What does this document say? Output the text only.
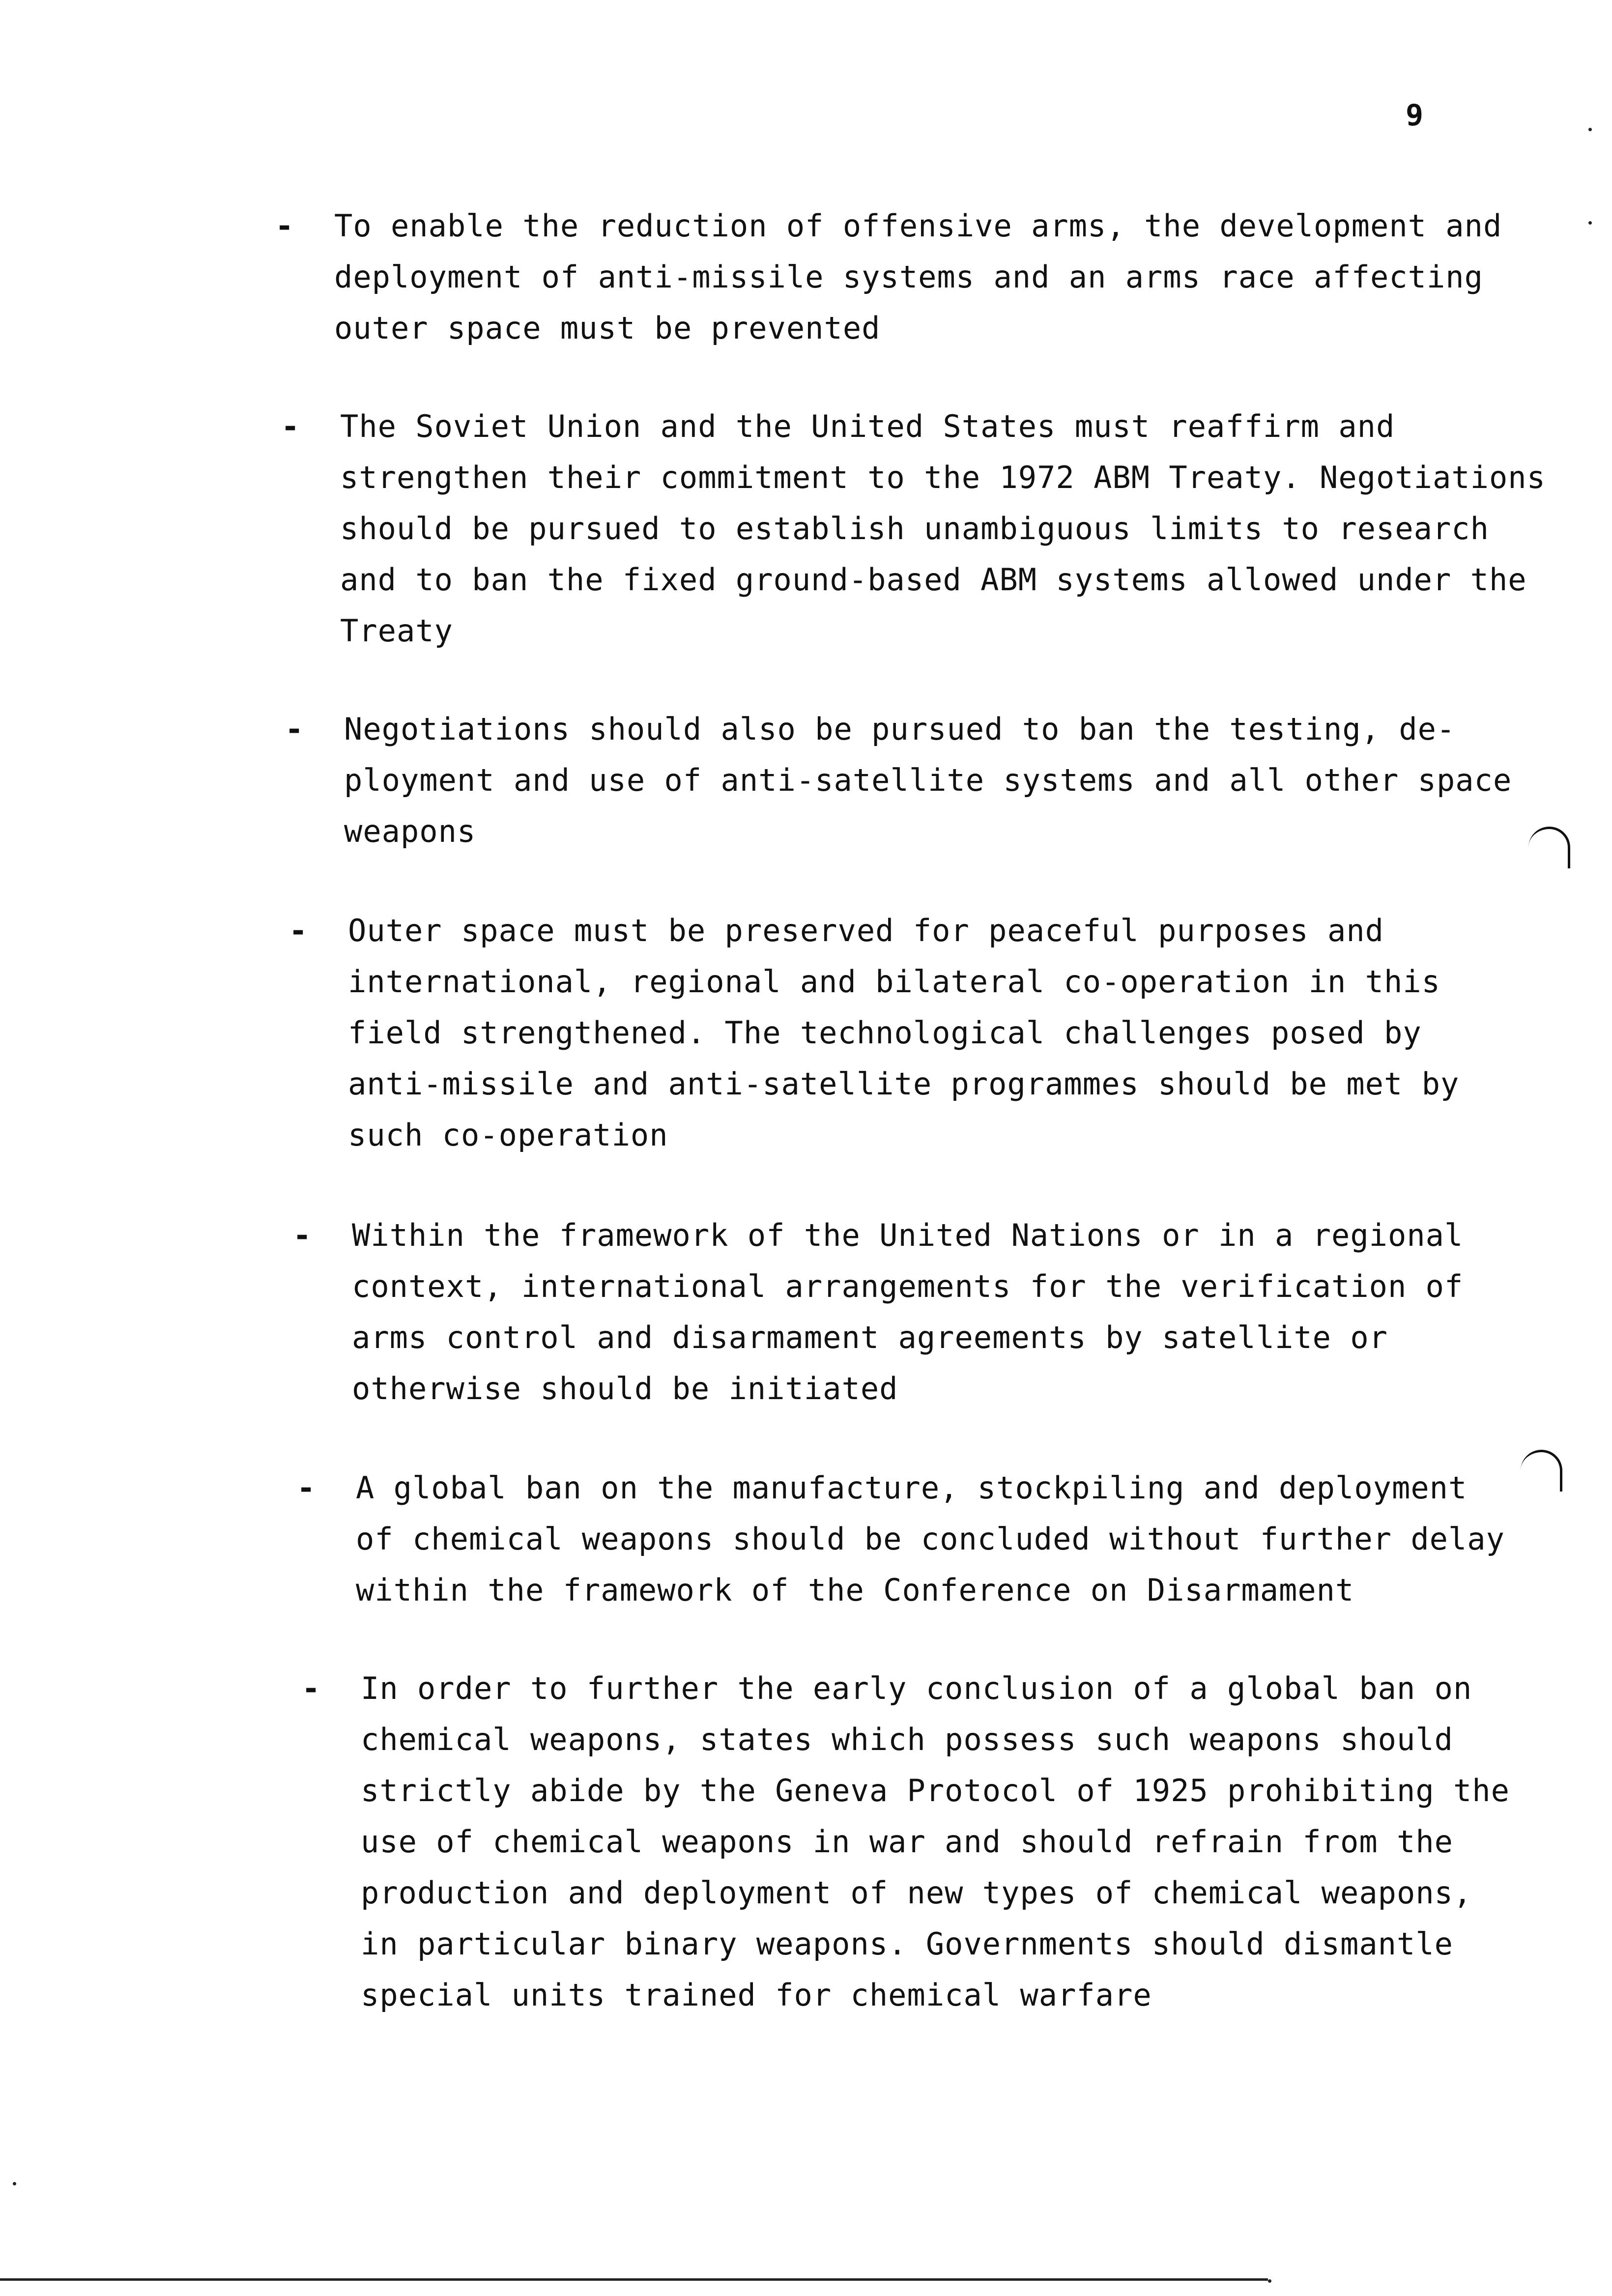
9
- To enable the reduction of offensive arms, the development and
deployment of anti-missile systems and an arms race affecting
outer space must be prevented
- The Soviet Union and the United States must reaffirm and
strengthen their commitment to the 1972 ABM Treaty. Negotiations
should be pursued to establish unambiguous limits to research
and to ban the fixed ground-based ABM systems allowed under the
Treaty
- Negotiations should also be pursued to ban the testing, de-
ployment and use of anti-satellite systems and all other space
weapons
- Outer space must be preserved for peaceful purposes and
international, regional and bilateral co-operation in this
field strengthened. The technological challenges posed by
anti-missile and anti-satellite programmes should be met by
such co-operation
- Within the framework of the United Nations or in a regional
context, international arrangements for the verification of
arms control and disarmament agreements by satellite or
otherwise should be initiated
- A global ban on the manufacture, stockpiling and deployment
of chemical weapons should be concluded without further delay
within the framework of the Conference on Disarmament
- In order to further the early conclusion of a global ban on
chemical weapons, states which possess such weapons should
strictly abide by the Geneva Protocol of 1925 prohibiting the
use of chemical weapons in war and should refrain from the
production and deployment of new types of chemical weapons,
in particular binary weapons. Governments should dismantle
special units trained for chemical warfare
